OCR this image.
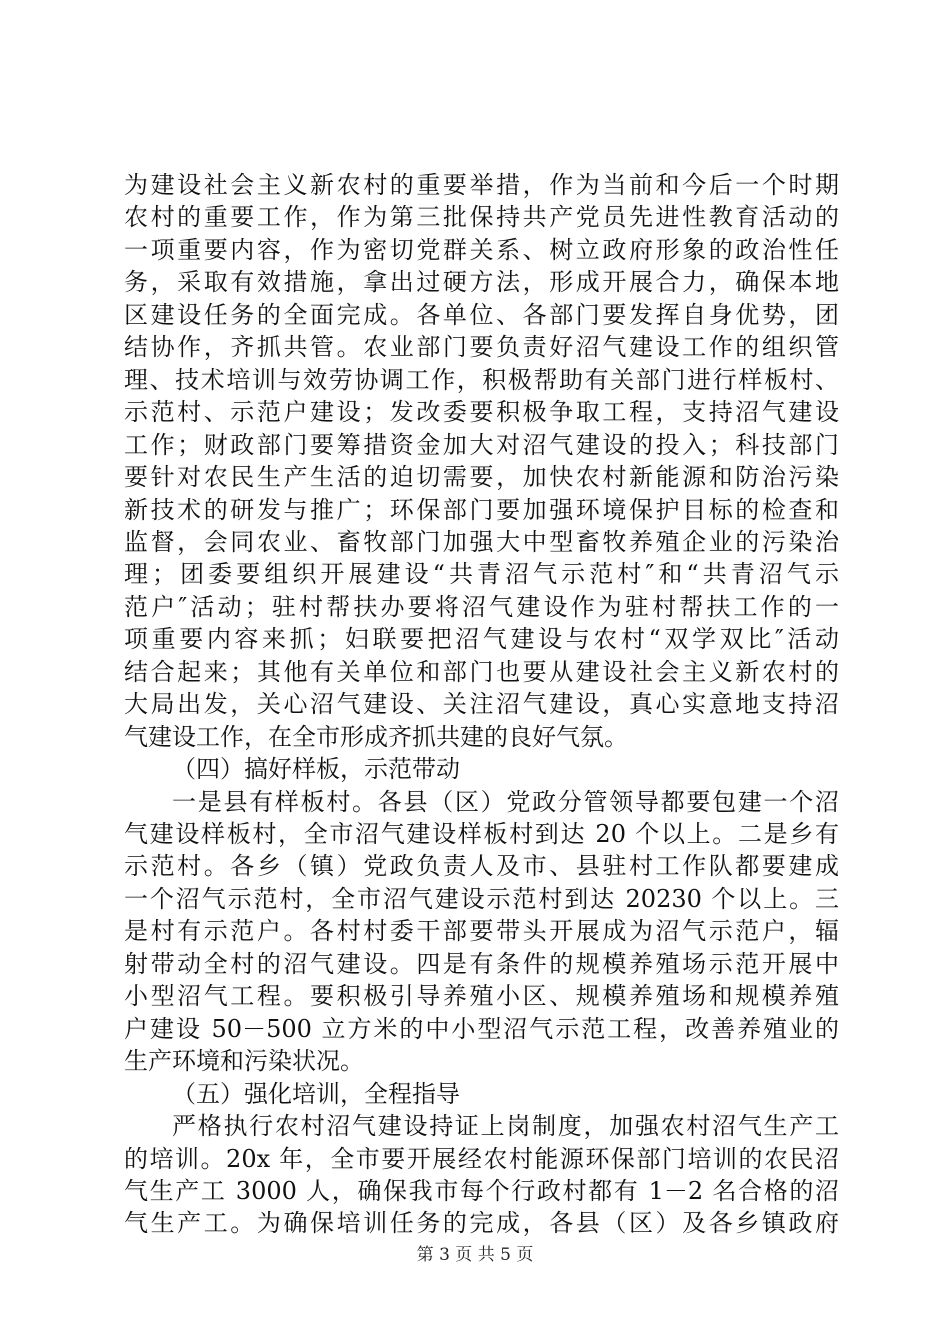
为建设社会主义新农村的重要举措，作为当前和今后一个时期
农村的重要工作，作为第三批保持共产党员先进性教育活动的
一项重要内容，作为密切党群关系、树立政府形象的政治性任
务，采取有效措施，拿出过硬方法，形成开展合力，确保本地
区建设任务的全面完成。各单位、各部门要发挥自身优势，团
结协作，齐抓共管。农业部门要负责好沼气建设工作的组织管
理、技术培训与效劳协调工作，积极帮助有关部门进行样板村、
示范村、示范户建设；发改委要积极争取工程，支持沼气建设
工作；财政部门要筹措资金加大对沼气建设的投入；科技部门
要针对农民生产生活的迫切需要，加快农村新能源和防治污染
新技术的研发与推广；环保部门要加强环境保护目标的检查和
监督，会同农业、畜牧部门加强大中型畜牧养殖企业的污染治
理；团委要组织开展建设“共青沼气示范村″和“共青沼气示
范户″活动；驻村帮扶办要将沼气建设作为驻村帮扶工作的一
项重要内容来抓；妇联要把沼气建设与农村“双学双比″活动
结合起来；其他有关单位和部门也要从建设社会主义新农村的
大局出发，关心沼气建设、关注沼气建设，真心实意地支持沼
气建设工作，在全市形成齐抓共建的良好气氛。
（四）搞好样板，示范带动
一是县有样板村。各县（区）党政分管领导都要包建一个沼
气建设样板村，全市沼气建设样板村到达 20 个以上。二是乡有
示范村。各乡（镇）党政负责人及市、县驻村工作队都要建成
一个沼气示范村，全市沼气建设示范村到达 20230 个以上。三
是村有示范户。各村村委干部要带头开展成为沼气示范户，辐
射带动全村的沼气建设。四是有条件的规模养殖场示范开展中
小型沼气工程。要积极引导养殖小区、规模养殖场和规模养殖
户建设 50－500 立方米的中小型沼气示范工程，改善养殖业的
生产环境和污染状况。
（五）强化培训，全程指导
严格执行农村沼气建设持证上岗制度，加强农村沼气生产工
的培训。20x 年，全市要开展经农村能源环保部门培训的农民沼
气生产工 3000 人，确保我市每个行政村都有 1－2 名合格的沼
气生产工。为确保培训任务的完成，各县（区）及各乡镇政府
第 3 页 共 5 页
